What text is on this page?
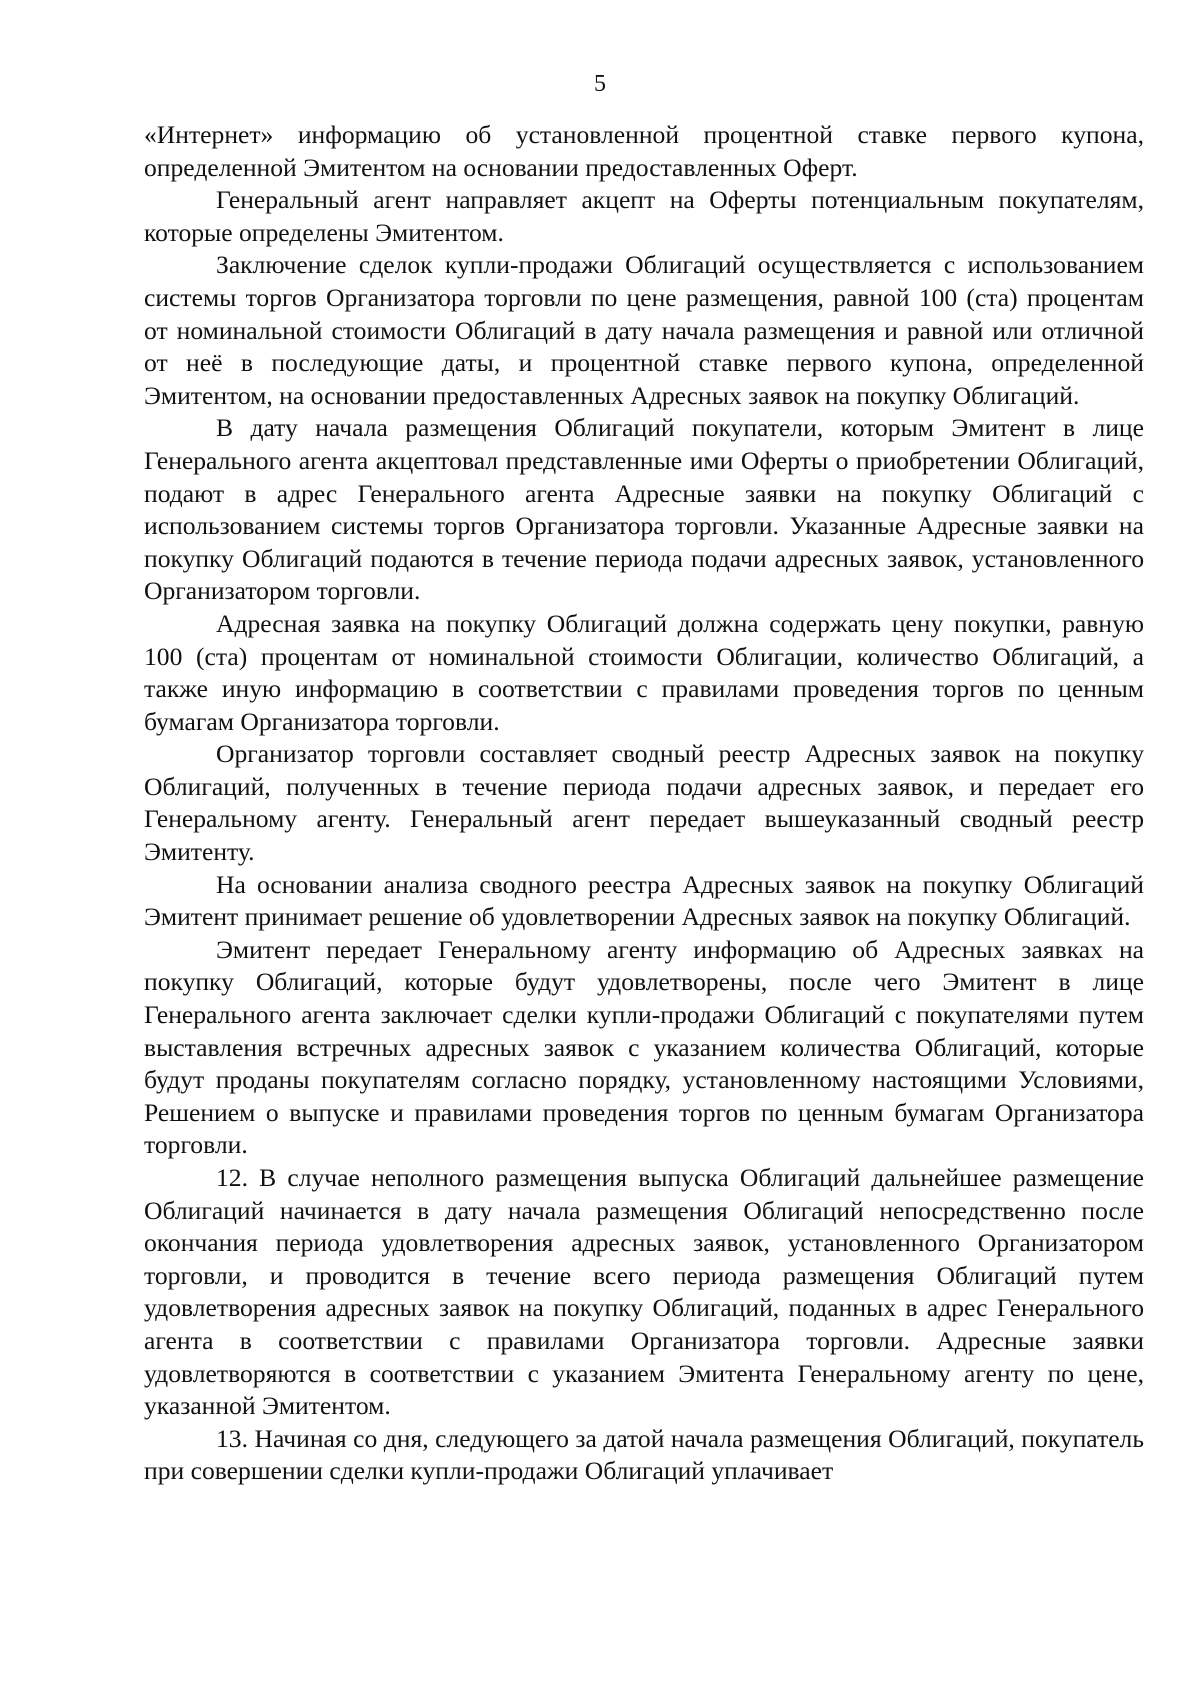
5

«Интернет» информацию об установленной процентной ставке первого купона, определенной Эмитентом на основании предоставленных Оферт.

Генеральный агент направляет акцепт на Оферты потенциальным покупателям, которые определены Эмитентом.

Заключение сделок купли-продажи Облигаций осуществляется с использованием системы торгов Организатора торговли по цене размещения, равной 100 (ста) процентам от номинальной стоимости Облигаций в дату начала размещения и равной или отличной от неё в последующие даты, и процентной ставке первого купона, определенной Эмитентом, на основании предоставленных Адресных заявок на покупку Облигаций.

В дату начала размещения Облигаций покупатели, которым Эмитент в лице Генерального агента акцептовал представленные ими Оферты о приобретении Облигаций, подают в адрес Генерального агента Адресные заявки на покупку Облигаций с использованием системы торгов Организатора торговли. Указанные Адресные заявки на покупку Облигаций подаются в течение периода подачи адресных заявок, установленного Организатором торговли.

Адресная заявка на покупку Облигаций должна содержать цену покупки, равную 100 (ста) процентам от номинальной стоимости Облигации, количество Облигаций, а также иную информацию в соответствии с правилами проведения торгов по ценным бумагам Организатора торговли.

Организатор торговли составляет сводный реестр Адресных заявок на покупку Облигаций, полученных в течение периода подачи адресных заявок, и передает его Генеральному агенту. Генеральный агент передает вышеуказанный сводный реестр Эмитенту.

На основании анализа сводного реестра Адресных заявок на покупку Облигаций Эмитент принимает решение об удовлетворении Адресных заявок на покупку Облигаций.

Эмитент передает Генеральному агенту информацию об Адресных заявках на покупку Облигаций, которые будут удовлетворены, после чего Эмитент в лице Генерального агента заключает сделки купли-продажи Облигаций с покупателями путем выставления встречных адресных заявок с указанием количества Облигаций, которые будут проданы покупателям согласно порядку, установленному настоящими Условиями, Решением о выпуске и правилами проведения торгов по ценным бумагам Организатора торговли.

12. В случае неполного размещения выпуска Облигаций дальнейшее размещение Облигаций начинается в дату начала размещения Облигаций непосредственно после окончания периода удовлетворения адресных заявок, установленного Организатором торговли, и проводится в течение всего периода размещения Облигаций путем удовлетворения адресных заявок на покупку Облигаций, поданных в адрес Генерального агента в соответствии с правилами Организатора торговли. Адресные заявки удовлетворяются в соответствии с указанием Эмитента Генеральному агенту по цене, указанной Эмитентом.

13. Начиная со дня, следующего за датой начала размещения Облигаций, покупатель при совершении сделки купли-продажи Облигаций уплачивает
